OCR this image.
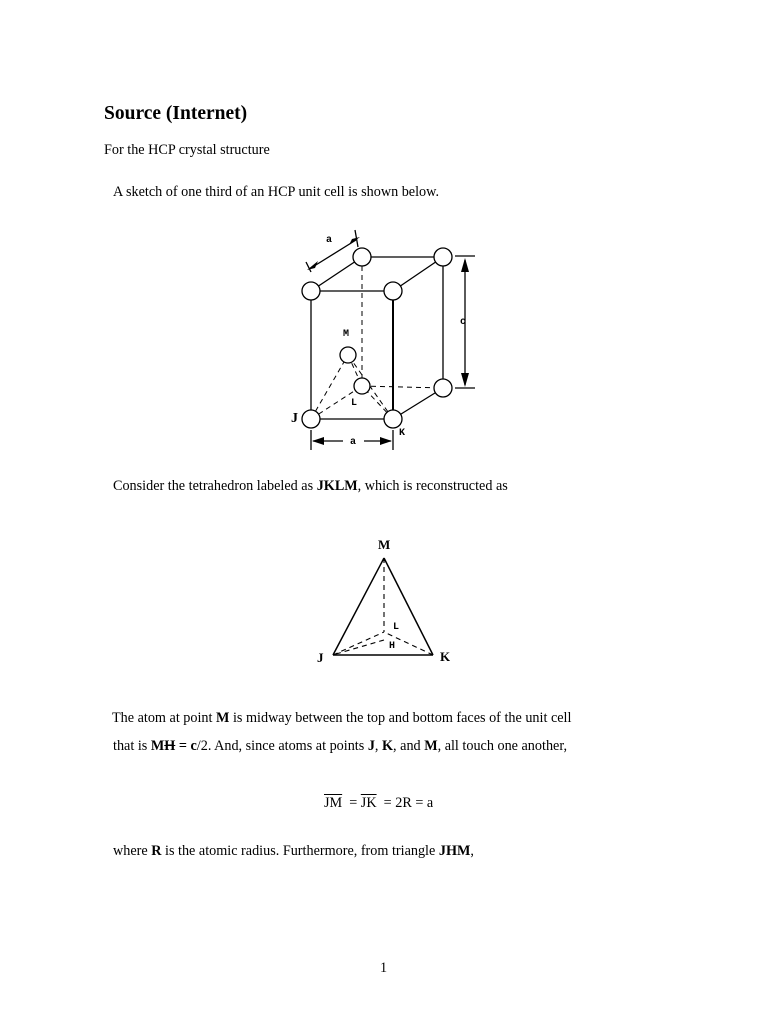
Source (Internet)
For the HCP crystal structure
A sketch of one third of an HCP unit cell is shown below.
a
c
M
L
J
K
a
Consider the tetrahedron labeled as JKLM, which is reconstructed as
M
L
H
J	K
The atom at point M is midway between the top and bottom faces of the unit cell
that is MH = c/2. And, since atoms at points J, K, and M, all touch one another,
$\overline{JM} = \overline{JK} = 2R = a$
where R is the atomic radius. Furthermore, from triangle JHM,
1
